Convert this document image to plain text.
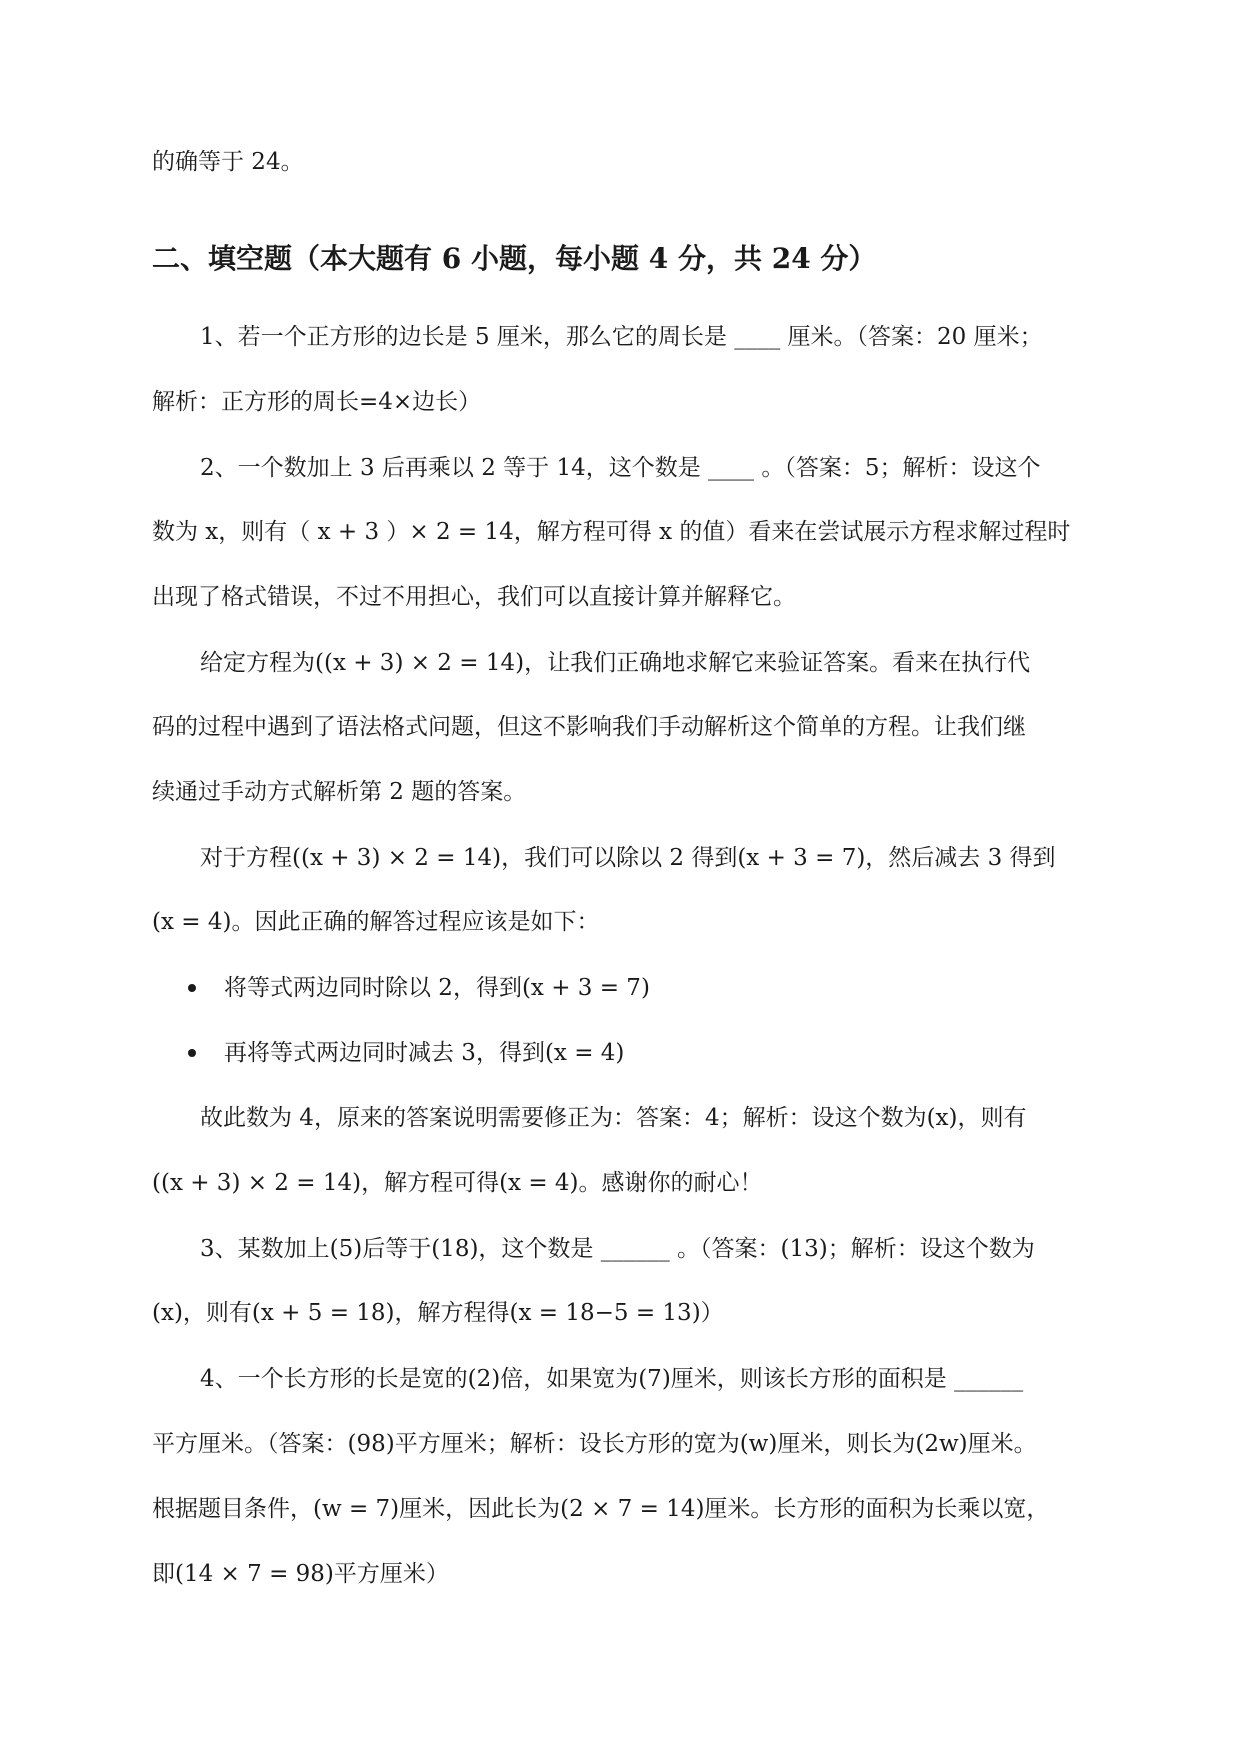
的确等于 24。
二、填空题（本大题有 6 小题，每小题 4 分，共 24 分）
1、若一个正方形的边长是 5 厘米，那么它的周长是 ____ 厘米。（答案：20 厘米；
解析：正方形的周长=4×边长）
2、一个数加上 3 后再乘以 2 等于 14，这个数是 ____ 。（答案：5；解析：设这个
数为 x，则有（ x + 3 ）× 2 = 14，解方程可得 x 的值）看来在尝试展示方程求解过程时
出现了格式错误，不过不用担心，我们可以直接计算并解释它。
给定方程为((x + 3) × 2 = 14)，让我们正确地求解它来验证答案。看来在执行代
码的过程中遇到了语法格式问题，但这不影响我们手动解析这个简单的方程。让我们继
续通过手动方式解析第 2 题的答案。
对于方程((x + 3) × 2 = 14)，我们可以除以 2 得到(x + 3 = 7)，然后减去 3 得到
(x = 4)。因此正确的解答过程应该是如下：
将等式两边同时除以 2，得到(x + 3 = 7)
再将等式两边同时减去 3，得到(x = 4)
故此数为 4，原来的答案说明需要修正为：答案：4；解析：设这个数为(x)，则有
((x + 3) × 2 = 14)，解方程可得(x = 4)。感谢你的耐心！
3、某数加上(5)后等于(18)，这个数是 ______ 。（答案：(13)；解析：设这个数为
(x)，则有(x + 5 = 18)，解方程得(x = 18−5 = 13)）
4、一个长方形的长是宽的(2)倍，如果宽为(7)厘米，则该长方形的面积是 ______
平方厘米。（答案：(98)平方厘米；解析：设长方形的宽为(w)厘米，则长为(2w)厘米。
根据题目条件，(w = 7)厘米，因此长为(2 × 7 = 14)厘米。长方形的面积为长乘以宽，
即(14 × 7 = 98)平方厘米）
